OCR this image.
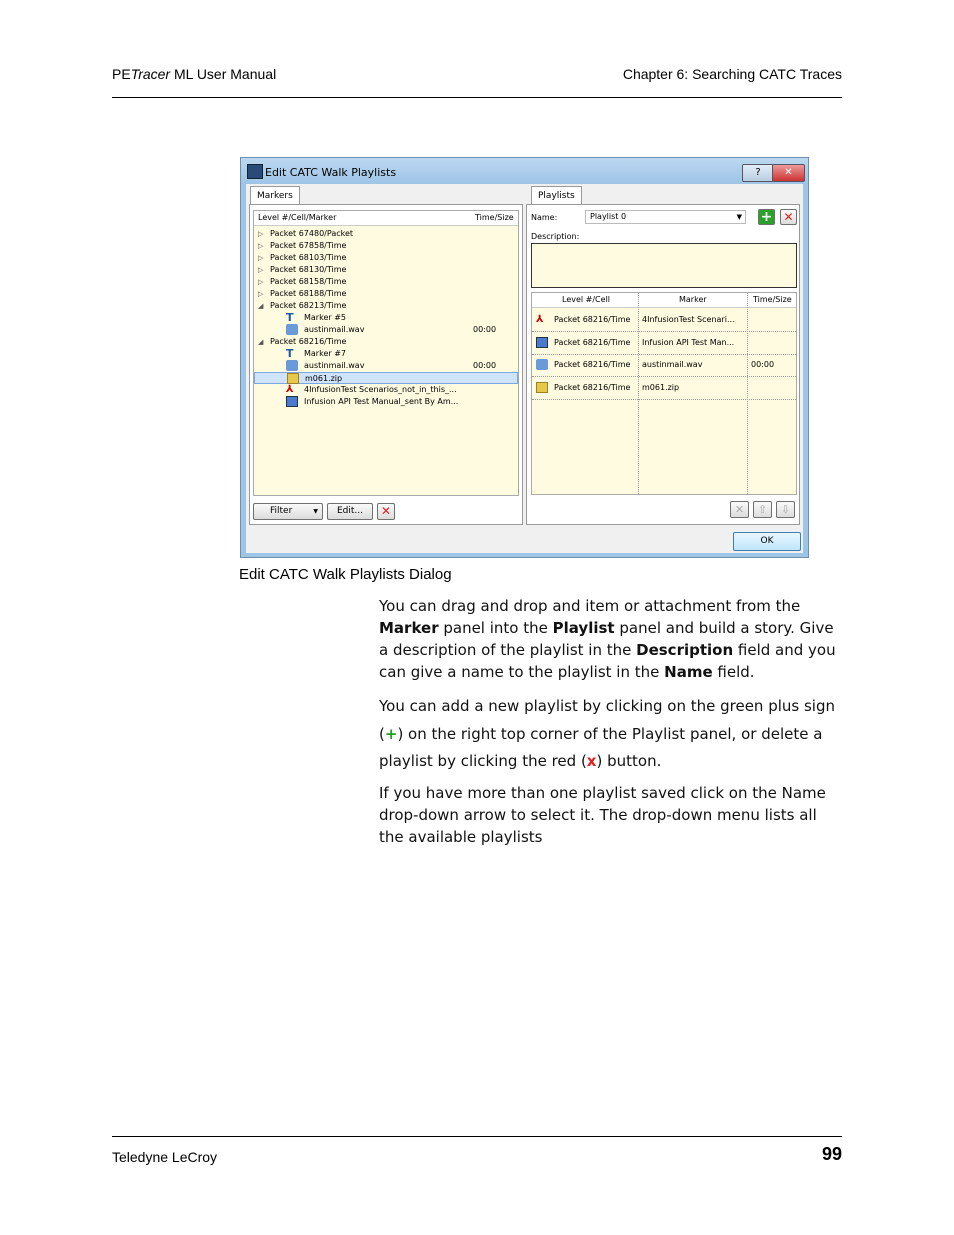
PETracer ML User Manual	Chapter 6: Searching CATC Traces
Edit CATC Walk Playlists	?	✕
Markers
Level #/Cell/Marker	Time/Size
▷ Packet 67480/Packet
▷ Packet 67858/Time
▷ Packet 68103/Time
▷ Packet 68130/Time
▷ Packet 68158/Time
▷ Packet 68188/Time
◢ Packet 68213/Time
T	Marker #5
austinmail.wav	00:00
◢ Packet 68216/Time
T	Marker #7
austinmail.wav	00:00
m061.zip
⅄	4InfusionTest Scenarios_not_in_this_...
Infusion API Test Manual_sent By Am...
Filter	▼	Edit...	✕
Playlists
Name:	Playlist 0	▼ + ✕
Description:
Level #/Cell	Marker	Time/Size
⅄	Packet 68216/Time	4InfusionTest Scenari...
Packet 68216/Time	Infusion API Test Man...
Packet 68216/Time	austinmail.wav	00:00
Packet 68216/Time	m061.zip
✕	⇧	⇩
OK
Edit CATC Walk Playlists Dialog

You can drag and drop and item or attachment from the Marker panel into the Playlist panel and build a story. Give a description of the playlist in the Description field and you can give a name to the playlist in the Name field.

You can add a new playlist by clicking on the green plus sign (+) on the right top corner of the Playlist panel, or delete a playlist by clicking the red (x) button.

If you have more than one playlist saved click on the Name drop-down arrow to select it. The drop-down menu lists all the available playlists

Teledyne LeCroy	99
